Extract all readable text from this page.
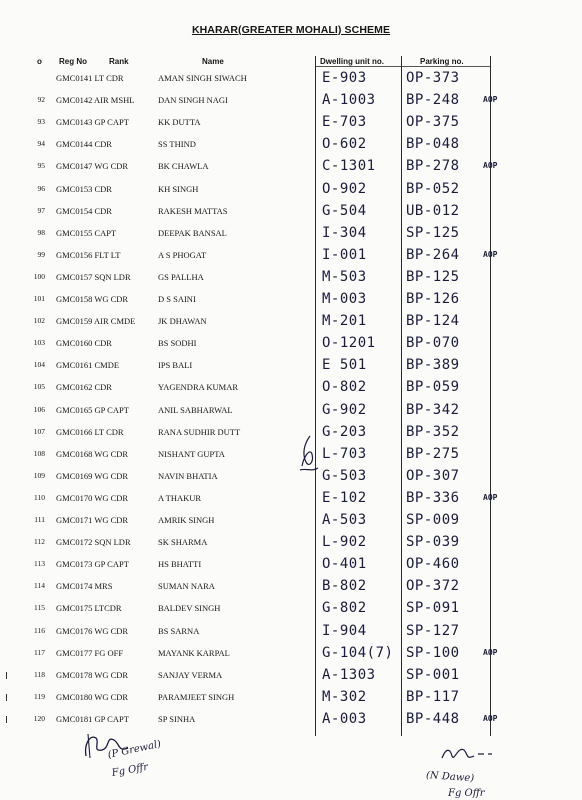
KHARAR(GREATER MOHALI) SCHEME
o Reg No	Rank	Name	Dwelling unit no.	Parking no.
GMC0141 LT CDR	AMAN SINGH SIWACH	E-903	OP-373
92 GMC0142 AIR MSHL	DAN SINGH NAGI	A-1003 BP-248	AOP
93 GMC0143 GP CAPT	KK DUTTA	E-703	OP-375
94 GMC0144 CDR	SS THIND	O-602	BP-048
95 GMC0147 WG CDR	BK CHAWLA	C-1301 BP-278	AOP
96 GMC0153 CDR	KH SINGH	O-902	BP-052
97 GMC0154 CDR	RAKESH MATTAS	G-504	UB-012
98 GMC0155 CAPT	DEEPAK BANSAL	I-304	SP-125
99 GMC0156 FLT LT	A S PHOGAT	I-001	BP-264	AOP
100 GMC0157 SQN LDR	GS PALLHA	M-503	BP-125
101 GMC0158 WG CDR	D S SAINI	M-003	BP-126
102 GMC0159 AIR CMDE	JK DHAWAN	M-201	BP-124
103 GMC0160 CDR	BS SODHI	O-1201 BP-070
104 GMC0161 CMDE	IPS BALI	E 501	BP-389
105 GMC0162 CDR	YAGENDRA KUMAR	O-802	BP-059
106 GMC0165 GP CAPT	ANIL SABHARWAL	G-902	BP-342
107 GMC0166 LT CDR	RANA SUDHIR DUTT	G-203	BP-352
108 GMC0168 WG CDR	NISHANT GUPTA	L-703	BP-275
109 GMC0169 WG CDR	NAVIN BHATIA	G-503	OP-307
110 GMC0170 WG CDR	A THAKUR	E-102	BP-336	AOP
111 GMC0171 WG CDR	AMRIK SINGH	A-503	SP-009
112 GMC0172 SQN LDR	SK SHARMA	L-902	SP-039
113 GMC0173 GP CAPT	HS BHATTI	O-401	OP-460
114 GMC0174 MRS	SUMAN NARA	B-802	OP-372
115 GMC0175 LTCDR	BALDEV SINGH	G-802	SP-091
116 GMC0176 WG CDR	BS SARNA	I-904	SP-127
117 GMC0177 FG OFF	MAYANK KARPAL	G-104(7) SP-100	AOP
118 GMC0178 WG CDR	SANJAY VERMA	A-1303 SP-001
119 GMC0180 WG CDR	PARAMJEET SINGH	M-302	BP-117
120 GMC0181 GP CAPT	SP SINHA	A-003	BP-448	AOP
(P Grewal)
Fg Offr	(N Dawe)
Fg Offr
